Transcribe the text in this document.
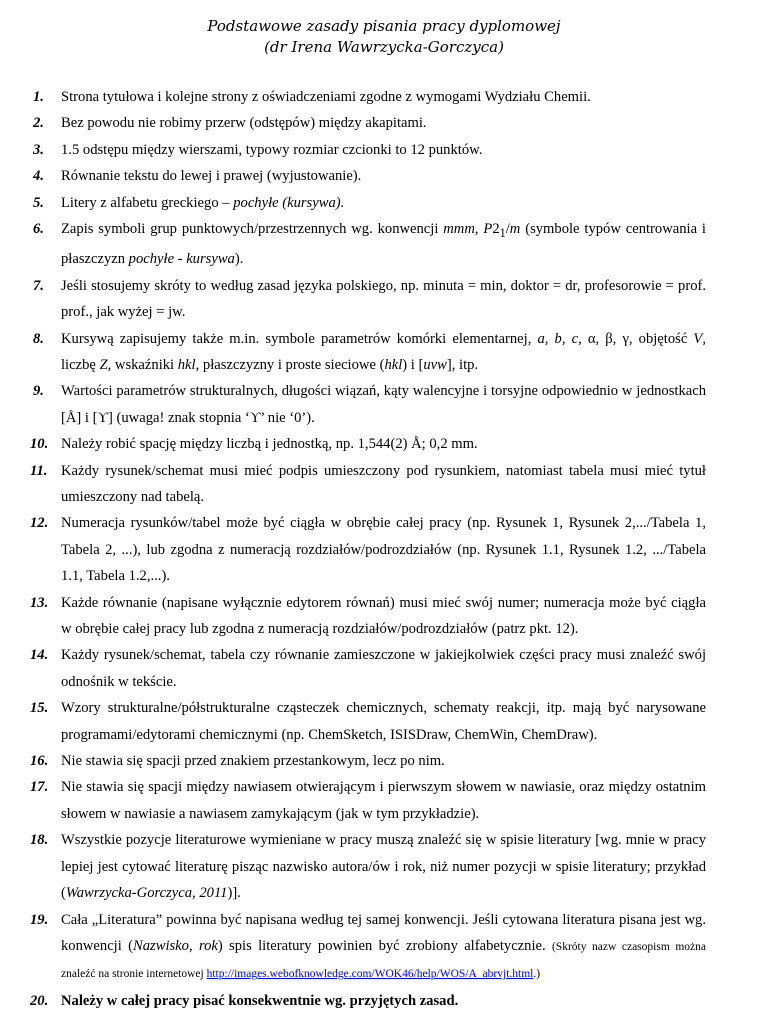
Podstawowe zasady pisania pracy dyplomowej
(dr Irena Wawrzycka-Gorczyca)
1. Strona tytułowa i kolejne strony z oświadczeniami zgodne z wymogami Wydziału Chemii.
2. Bez powodu nie robimy przerw (odstępów) między akapitami.
3. 1.5 odstępu między wierszami, typowy rozmiar czcionki to 12 punktów.
4. Równanie tekstu do lewej i prawej (wyjustowanie).
5. Litery z alfabetu greckiego – pochyłe (kursywa).
6. Zapis symboli grup punktowych/przestrzennych wg. konwencji mmm, $P2_1/m$ (symbole typów centrowania i płaszczyzn pochyłe - kursywa).
7. Jeśli stosujemy skróty to według zasad języka polskiego, np. minuta = min, doktor = dr, profesorowie = prof. prof., jak wyżej = jw.
8. Kursywą zapisujemy także m.in. symbole parametrów komórki elementarnej, a, b, c, α, β, γ, objętość V, liczbę Z, wskaźniki hkl, płaszczyzny i proste sieciowe (hkl) i [uvw], itp.
9. Wartości parametrów strukturalnych, długości wiązań, kąty walencyjne i torsyjne odpowiednio w jednostkach [Å] i [ϒ] (uwaga! znak stopnia ‘ϒ’ nie ‘0’).
10. Należy robić spację między liczbą i jednostką, np. 1,544(2) Å; 0,2 mm.
11. Każdy rysunek/schemat musi mieć podpis umieszczony pod rysunkiem, natomiast tabela musi mieć tytuł umieszczony nad tabelą.
12. Numeracja rysunków/tabel może być ciągła w obrębie całej pracy (np. Rysunek 1, Rysunek 2,.../Tabela 1, Tabela 2, ...), lub zgodna z numeracją rozdziałów/podrozdziałów (np. Rysunek 1.1, Rysunek 1.2, .../Tabela 1.1, Tabela 1.2,...).
13. Każde równanie (napisane wyłącznie edytorem równań) musi mieć swój numer; numeracja może być ciągła w obrębie całej pracy lub zgodna z numeracją rozdziałów/podrozdziałów (patrz pkt. 12).
14. Każdy rysunek/schemat, tabela czy równanie zamieszczone w jakiejkolwiek części pracy musi znaleźć swój odnośnik w tekście.
15. Wzory strukturalne/półstrukturalne cząsteczek chemicznych, schematy reakcji, itp. mają być narysowane programami/edytorami chemicznymi (np. ChemSketch, ISISDraw, ChemWin, ChemDraw).
16. Nie stawia się spacji przed znakiem przestankowym, lecz po nim.
17. Nie stawia się spacji między nawiasem otwierającym i pierwszym słowem w nawiasie, oraz między ostatnim słowem w nawiasie a nawiasem zamykającym (jak w tym przykładzie).
18. Wszystkie pozycje literaturowe wymieniane w pracy muszą znaleźć się w spisie literatury [wg. mnie w pracy lepiej jest cytować literaturę pisząc nazwisko autora/ów i rok, niż numer pozycji w spisie literatury; przykład (Wawrzycka-Gorczyca, 2011)].
19. Cała „Literatura” powinna być napisana według tej samej konwencji. Jeśli cytowana literatura pisana jest wg. konwencji (Nazwisko, rok) spis literatury powinien być zrobiony alfabetycznie. (Skróty nazw czasopism można znaleźć na stronie internetowej http://images.webofknowledge.com/WOK46/help/WOS/A_abrvjt.html.)
20. Należy w całej pracy pisać konsekwentnie wg. przyjętych zasad.
